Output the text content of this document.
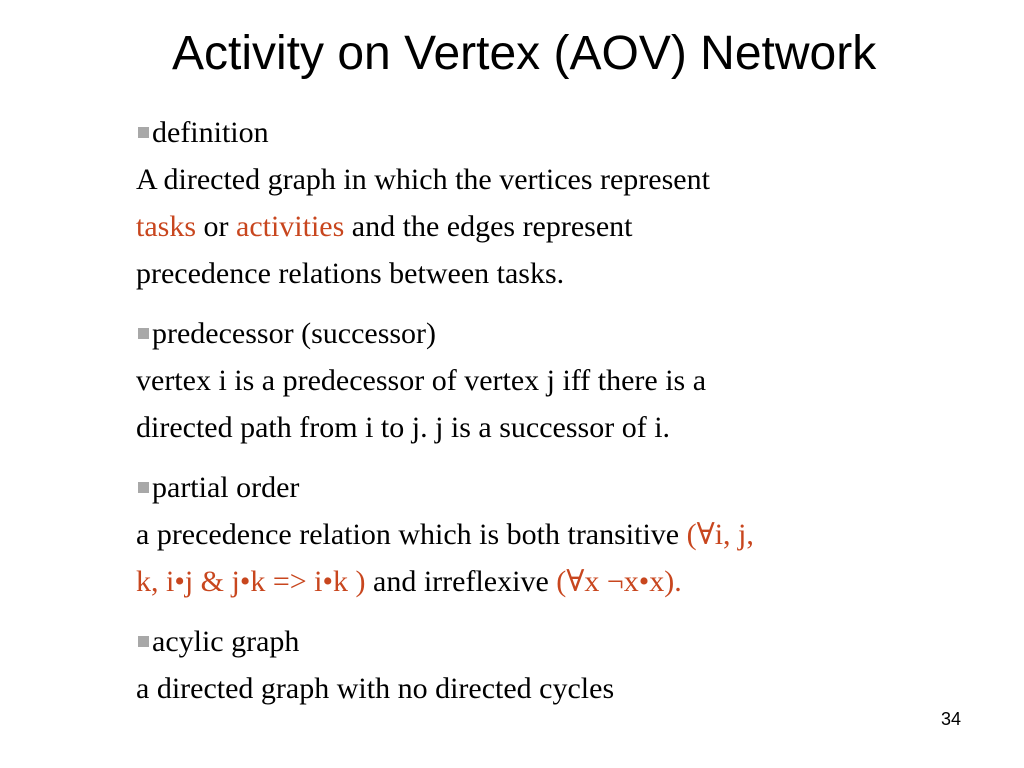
Activity on Vertex (AOV) Network
definition
A directed graph in which the vertices represent
tasks or activities and the edges represent
precedence relations between tasks.
predecessor (successor)
vertex i is a predecessor of vertex j iff there is a
directed path from i to j. j is a successor of i.
partial order
a precedence relation which is both transitive (∀i, j,
k, i•j & j•k => i•k ) and irreflexive (∀x ¬x•x).
acylic graph
a directed graph with no directed cycles
34
